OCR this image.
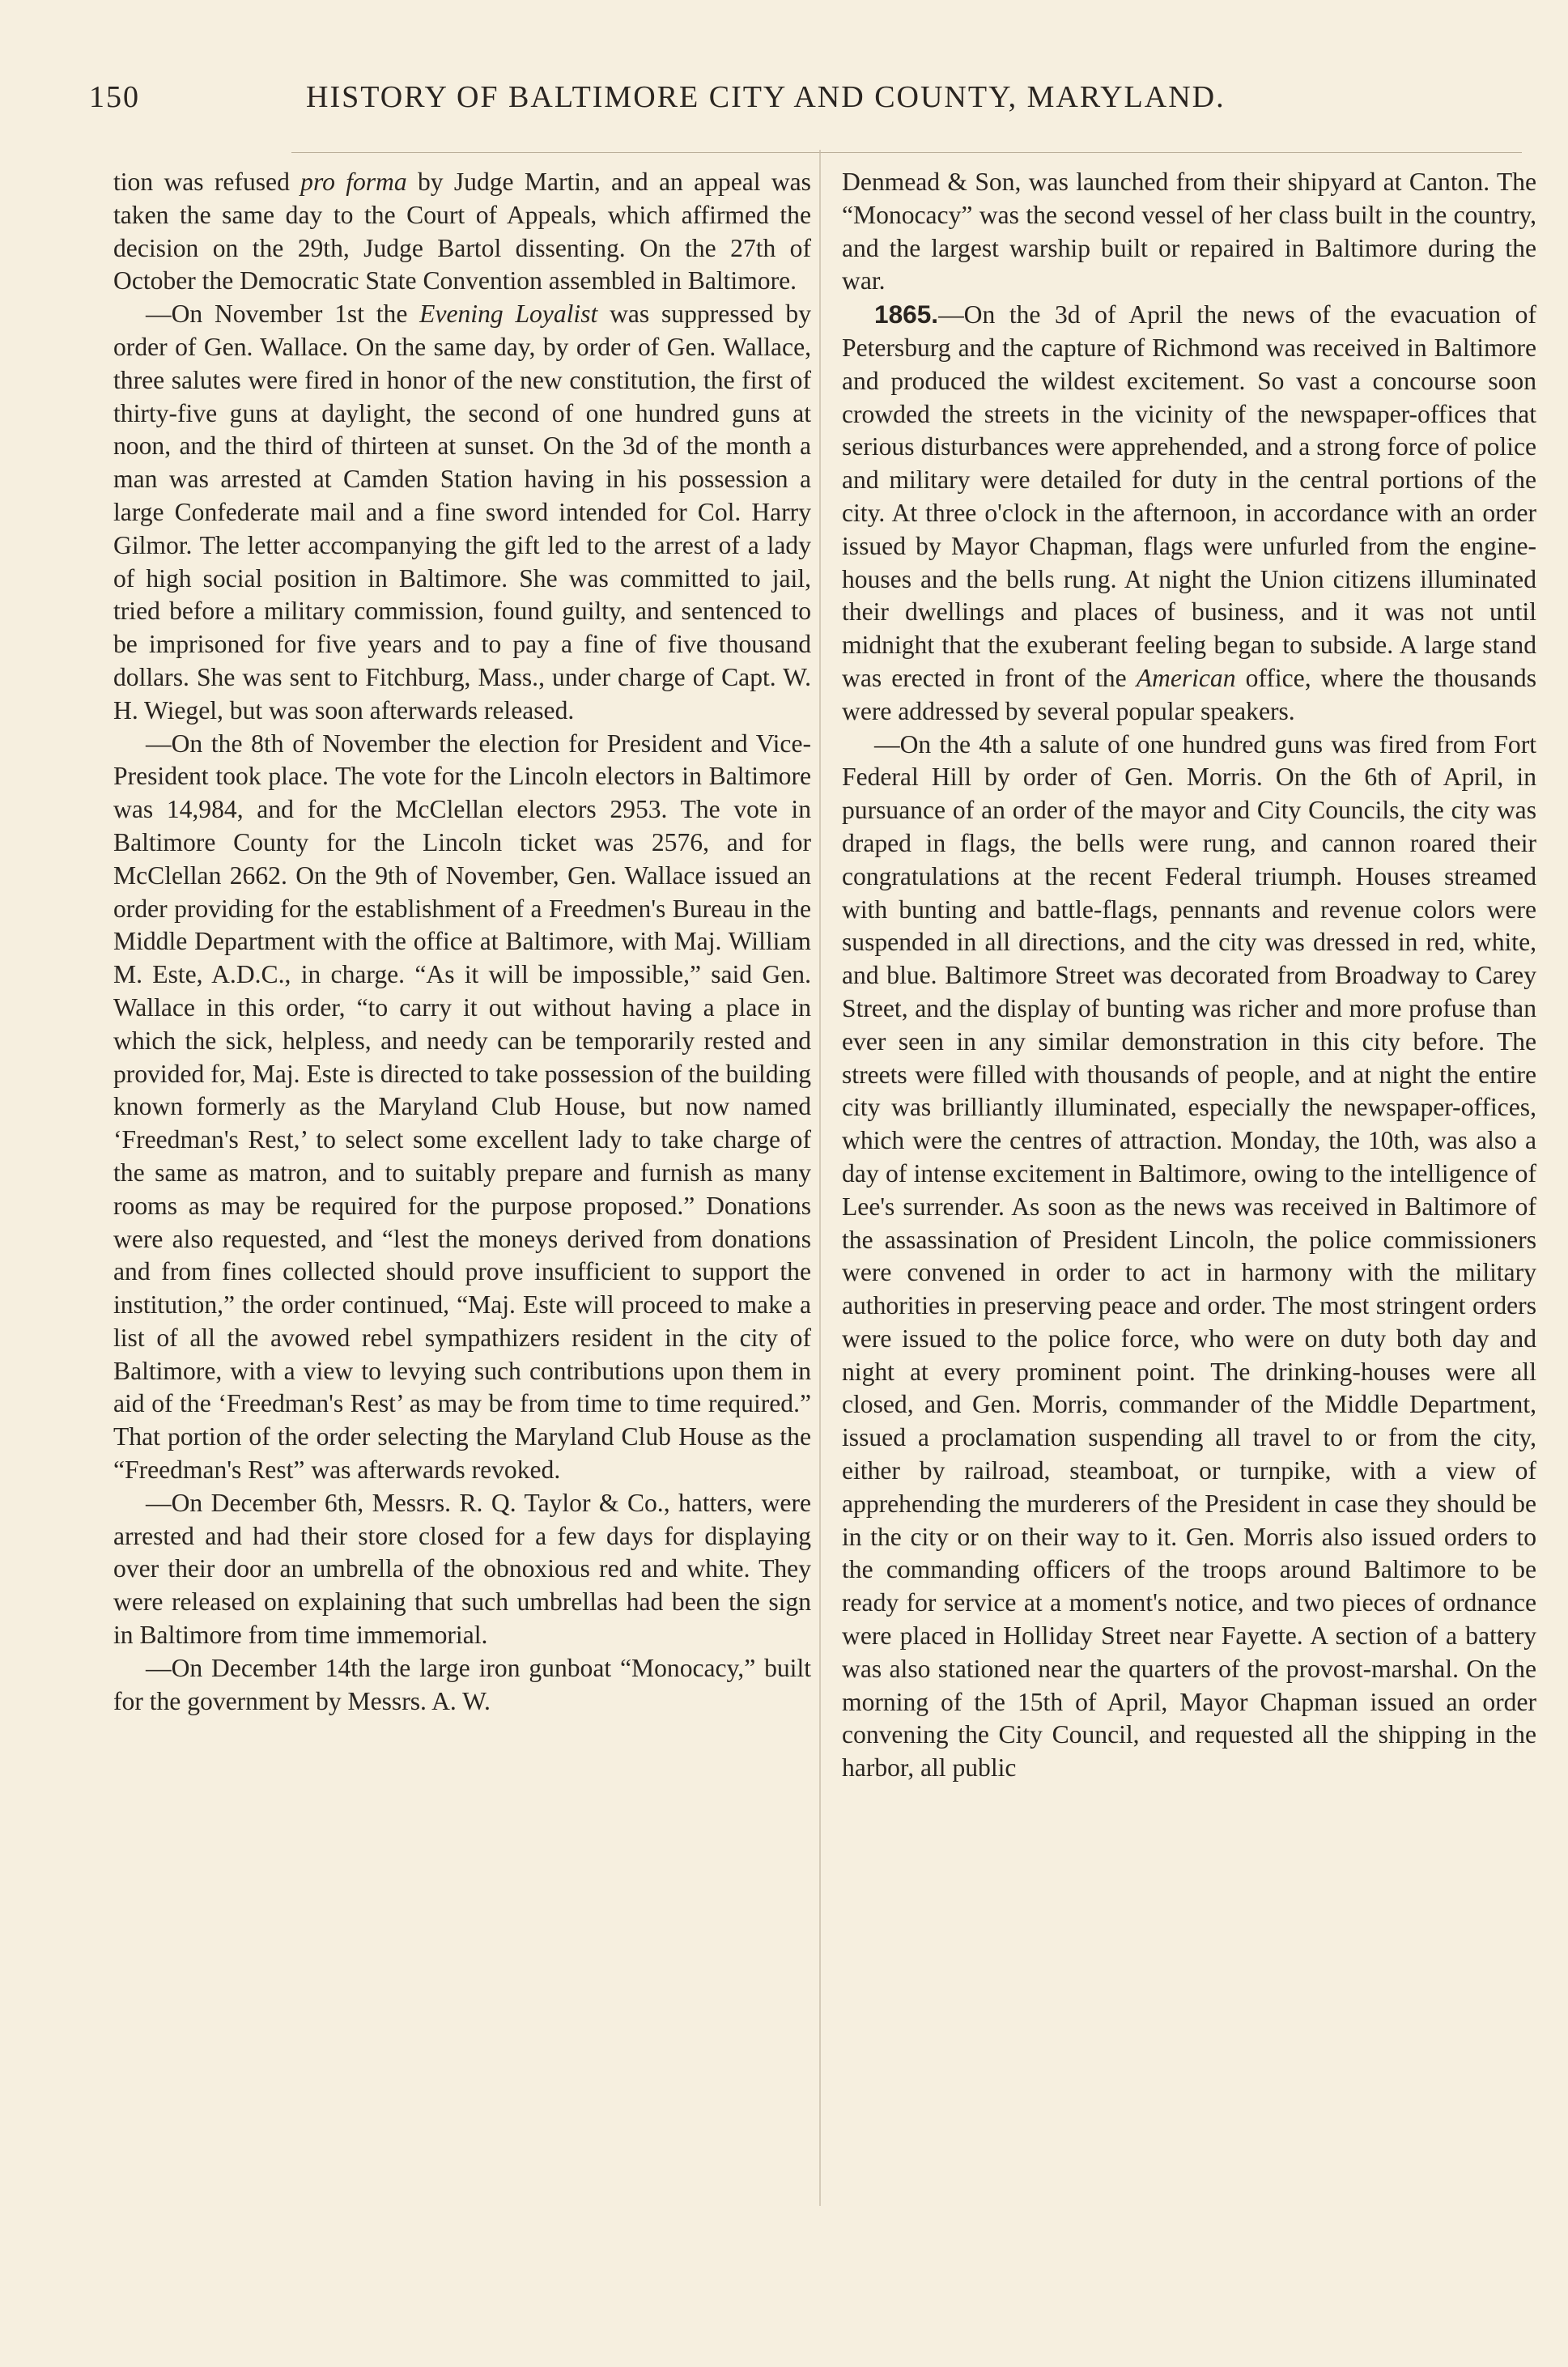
150	HISTORY OF BALTIMORE CITY AND COUNTY, MARYLAND.

tion was refused pro forma by Judge Martin, and an appeal was taken the same day to the Court of Appeals, which affirmed the decision on the 29th, Judge Bartol dissenting. On the 27th of October the Democratic State Convention assembled in Baltimore.

—On November 1st the Evening Loyalist was suppressed by order of Gen. Wallace. On the same day, by order of Gen. Wallace, three salutes were fired in honor of the new constitution, the first of thirty-five guns at daylight, the second of one hundred guns at noon, and the third of thirteen at sunset. On the 3d of the month a man was arrested at Camden Station having in his possession a large Confederate mail and a fine sword intended for Col. Harry Gilmor. The letter accompanying the gift led to the arrest of a lady of high social position in Baltimore. She was committed to jail, tried before a military commission, found guilty, and sentenced to be imprisoned for five years and to pay a fine of five thousand dollars. She was sent to Fitchburg, Mass., under charge of Capt. W. H. Wiegel, but was soon afterwards released.

—On the 8th of November the election for President and Vice-President took place. The vote for the Lincoln electors in Baltimore was 14,984, and for the McClellan electors 2953. The vote in Baltimore County for the Lincoln ticket was 2576, and for McClellan 2662. On the 9th of November, Gen. Wallace issued an order providing for the establishment of a Freedmen's Bureau in the Middle Department with the office at Baltimore, with Maj. William M. Este, A.D.C., in charge. “As it will be impossible,” said Gen. Wallace in this order, “to carry it out without having a place in which the sick, helpless, and needy can be temporarily rested and provided for, Maj. Este is directed to take possession of the building known formerly as the Maryland Club House, but now named ‘Freedman's Rest,’ to select some excellent lady to take charge of the same as matron, and to suitably prepare and furnish as many rooms as may be required for the purpose proposed.” Donations were also requested, and “lest the moneys derived from donations and from fines collected should prove insufficient to support the institution,” the order continued, “Maj. Este will proceed to make a list of all the avowed rebel sympathizers resident in the city of Baltimore, with a view to levying such contributions upon them in aid of the ‘Freedman's Rest’ as may be from time to time required.” That portion of the order selecting the Maryland Club House as the “Freedman's Rest” was afterwards revoked.

—On December 6th, Messrs. R. Q. Taylor & Co., hatters, were arrested and had their store closed for a few days for displaying over their door an umbrella of the obnoxious red and white. They were released on explaining that such umbrellas had been the sign in Baltimore from time immemorial.

—On December 14th the large iron gunboat “Monocacy,” built for the government by Messrs. A. W.

Denmead & Son, was launched from their shipyard at Canton. The “Monocacy” was the second vessel of her class built in the country, and the largest warship built or repaired in Baltimore during the war.

1865.—On the 3d of April the news of the evacuation of Petersburg and the capture of Richmond was received in Baltimore and produced the wildest excitement. So vast a concourse soon crowded the streets in the vicinity of the newspaper-offices that serious disturbances were apprehended, and a strong force of police and military were detailed for duty in the central portions of the city. At three o'clock in the afternoon, in accordance with an order issued by Mayor Chapman, flags were unfurled from the engine-houses and the bells rung. At night the Union citizens illuminated their dwellings and places of business, and it was not until midnight that the exuberant feeling began to subside. A large stand was erected in front of the American office, where the thousands were addressed by several popular speakers.

—On the 4th a salute of one hundred guns was fired from Fort Federal Hill by order of Gen. Morris. On the 6th of April, in pursuance of an order of the mayor and City Councils, the city was draped in flags, the bells were rung, and cannon roared their congratulations at the recent Federal triumph. Houses streamed with bunting and battle-flags, pennants and revenue colors were suspended in all directions, and the city was dressed in red, white, and blue. Baltimore Street was decorated from Broadway to Carey Street, and the display of bunting was richer and more profuse than ever seen in any similar demonstration in this city before. The streets were filled with thousands of people, and at night the entire city was brilliantly illuminated, especially the newspaper-offices, which were the centres of attraction. Monday, the 10th, was also a day of intense excitement in Baltimore, owing to the intelligence of Lee's surrender. As soon as the news was received in Baltimore of the assassination of President Lincoln, the police commissioners were convened in order to act in harmony with the military authorities in preserving peace and order. The most stringent orders were issued to the police force, who were on duty both day and night at every prominent point. The drinking-houses were all closed, and Gen. Morris, commander of the Middle Department, issued a proclamation suspending all travel to or from the city, either by railroad, steamboat, or turnpike, with a view of apprehending the murderers of the President in case they should be in the city or on their way to it. Gen. Morris also issued orders to the commanding officers of the troops around Baltimore to be ready for service at a moment's notice, and two pieces of ordnance were placed in Holliday Street near Fayette. A section of a battery was also stationed near the quarters of the provost-marshal. On the morning of the 15th of April, Mayor Chapman issued an order convening the City Council, and requested all the shipping in the harbor, all public
